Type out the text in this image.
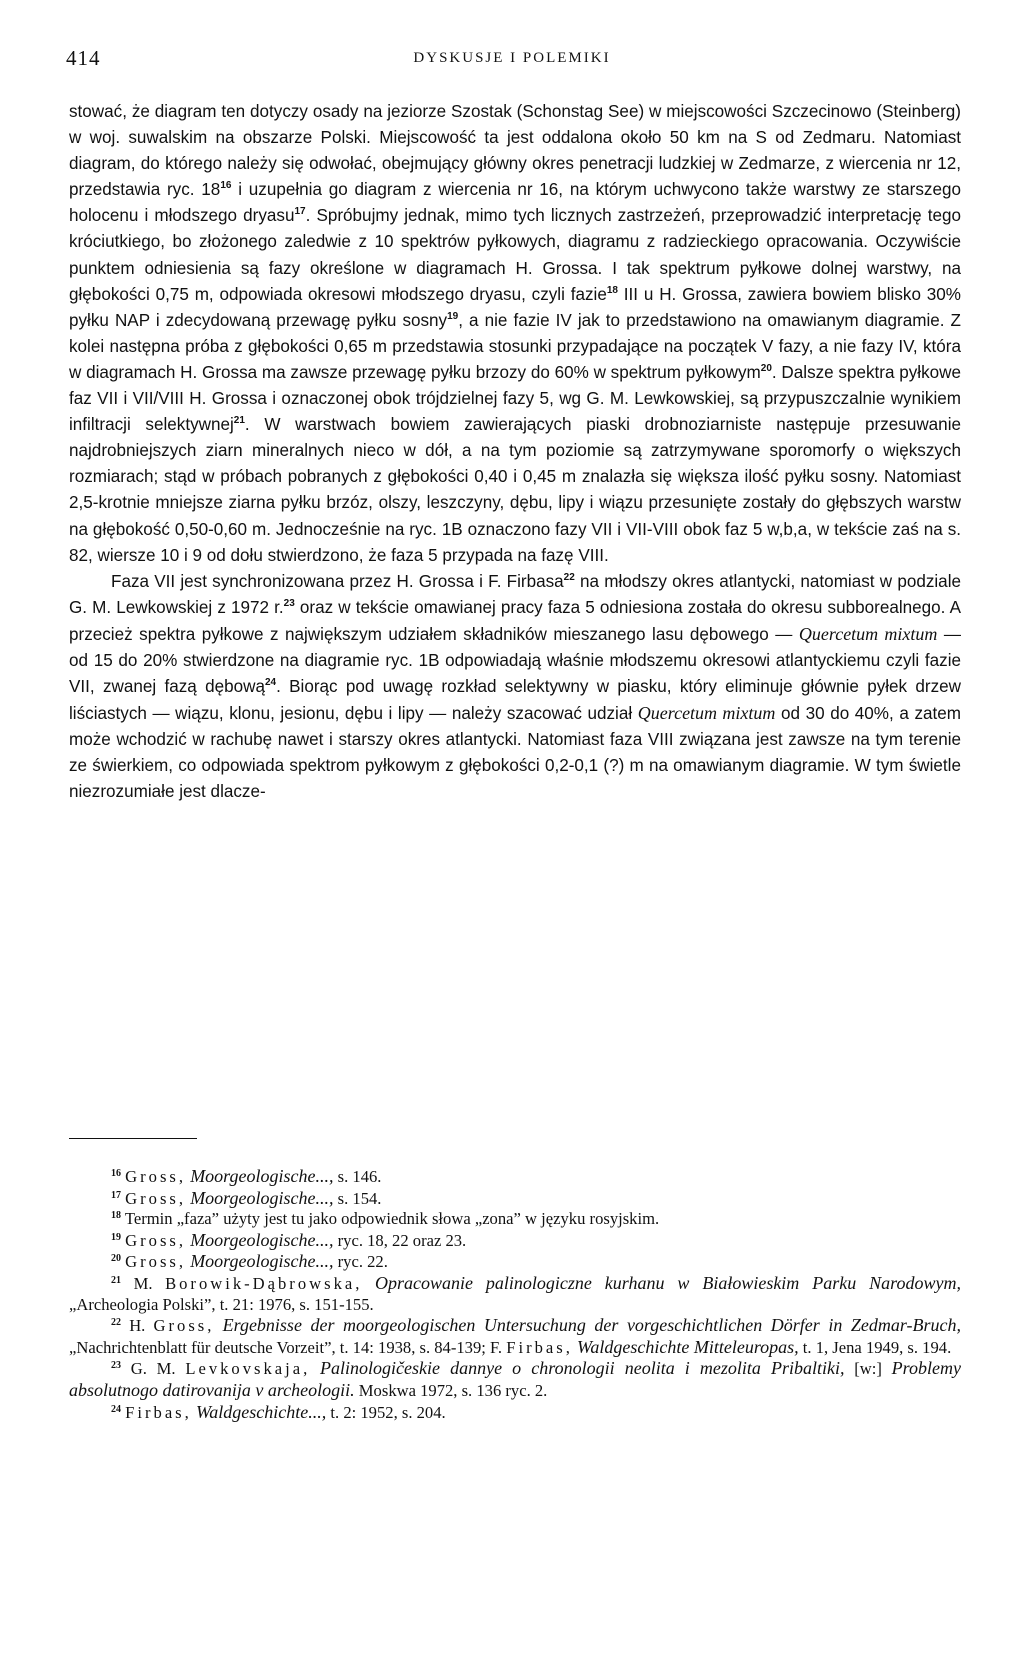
414	DYSKUSJE I POLEMIKI

stować, że diagram ten dotyczy osady na jeziorze Szostak (Schonstag See) w miejscowości Szczecinowo (Steinberg) w woj. suwalskim na obszarze Polski. Miejscowość ta jest oddalona około 50 km na S od Zedmaru. Natomiast diagram, do którego należy się odwołać, obejmujący główny okres penetracji ludzkiej w Zedmarze, z wiercenia nr 12, przedstawia ryc. $18^{16}$ i uzupełnia go diagram z wiercenia nr 16, na którym uchwycono także warstwy ze starszego holocenu i młodszego dryasu$^{17}$. Spróbujmy jednak, mimo tych licznych zastrzeżeń, przeprowadzić interpretację tego króciutkiego, bo złożonego zaledwie z 10 spektrów pyłkowych, diagramu z radzieckiego opracowania. Oczywiście punktem odniesienia są fazy określone w diagramach H. Grossa. I tak spektrum pyłkowe dolnej warstwy, na głębokości 0,75 m, odpowiada okresowi młodszego dryasu, czyli fazie$^{18}$ III u H. Grossa, zawiera bowiem blisko 30% pyłku NAP i zdecydowaną przewagę pyłku sosny$^{19}$, a nie fazie IV jak to przedstawiono na omawianym diagramie. Z kolei następna próba z głębokości 0,65 m przedstawia stosunki przypadające na początek V fazy, a nie fazy IV, która w diagramach H. Grossa ma zawsze przewagę pyłku brzozy do 60% w spektrum pyłkowym$^{20}$. Dalsze spektra pyłkowe faz VII i VII/VIII H. Grossa i oznaczonej obok trójdzielnej fazy 5, wg G. M. Lewkowskiej, są przypuszczalnie wynikiem infiltracji selektywnej$^{21}$. W warstwach bowiem zawierających piaski drobnoziarniste następuje przesuwanie najdrobniejszych ziarn mineralnych nieco w dół, a na tym poziomie są zatrzymywane sporomorfy o większych rozmiarach; stąd w próbach pobranych z głębokości 0,40 i 0,45 m znalazła się większa ilość pyłku sosny. Natomiast 2,5-krotnie mniejsze ziarna pyłku brzóz, olszy, leszczyny, dębu, lipy i wiązu przesunięte zostały do głębszych warstw na głębokość 0,50-0,60 m. Jednocześnie na ryc. 1B oznaczono fazy VII i VII-VIII obok faz 5 w,b,a, w tekście zaś na s. 82, wiersze 10 i 9 od dołu stwierdzono, że faza 5 przypada na fazę VIII.

Faza VII jest synchronizowana przez H. Grossa i F. Firbasa$^{22}$ na młodszy okres atlantycki, natomiast w podziale G. M. Lewkowskiej z 1972 r.$^{23}$ oraz w tekście omawianej pracy faza 5 odniesiona została do okresu subborealnego. A przecież spektra pyłkowe z największym udziałem składników mieszanego lasu dębowego — Quercetum mixtum — od 15 do 20% stwierdzone na diagramie ryc. 1B odpowiadają właśnie młodszemu okresowi atlantyckiemu czyli fazie VII, zwanej fazą dębową$^{24}$. Biorąc pod uwagę rozkład selektywny w piasku, który eliminuje głównie pyłek drzew liściastych — wiązu, klonu, jesionu, dębu i lipy — należy szacować udział Quercetum mixtum od 30 do 40%, a zatem może wchodzić w rachubę nawet i starszy okres atlantycki. Natomiast faza VIII związana jest zawsze na tym terenie ze świerkiem, co odpowiada spektrom pyłkowym z głębokości 0,2-0,1 (?) m na omawianym diagramie. W tym świetle niezrozumiałe jest dlacze-

$^{16}$ Gross, Moorgeologische..., s. 146.

$^{17}$ Gross, Moorgeologische..., s. 154.

$^{18}$ Termin „faza” użyty jest tu jako odpowiednik słowa „zona” w języku rosyjskim.

$^{19}$ Gross, Moorgeologische..., ryc. 18, 22 oraz 23.

$^{20}$ Gross, Moorgeologische..., ryc. 22.

$^{21}$ M. Borowik-Dąbrowska, Opracowanie palinologiczne kurhanu w Białowieskim Parku Narodowym, „Archeologia Polski”, t. 21: 1976, s. 151-155.

$^{22}$ H. Gross, Ergebnisse der moorgeologischen Untersuchung der vorgeschichtlichen Dörfer in Zedmar-Bruch, „Nachrichtenblatt für deutsche Vorzeit”, t. 14: 1938, s. 84-139; F. Firbas, Waldgeschichte Mitteleuropas, t. 1, Jena 1949, s. 194.

$^{23}$ G. M. Levkovskaja, Palinologičeskie dannye o chronologii neolita i mezolita Pribaltiki, [w:] Problemy absolutnogo datirovanija v archeologii. Moskwa 1972, s. 136 ryc. 2.

$^{24}$ Firbas, Waldgeschichte..., t. 2: 1952, s. 204.
